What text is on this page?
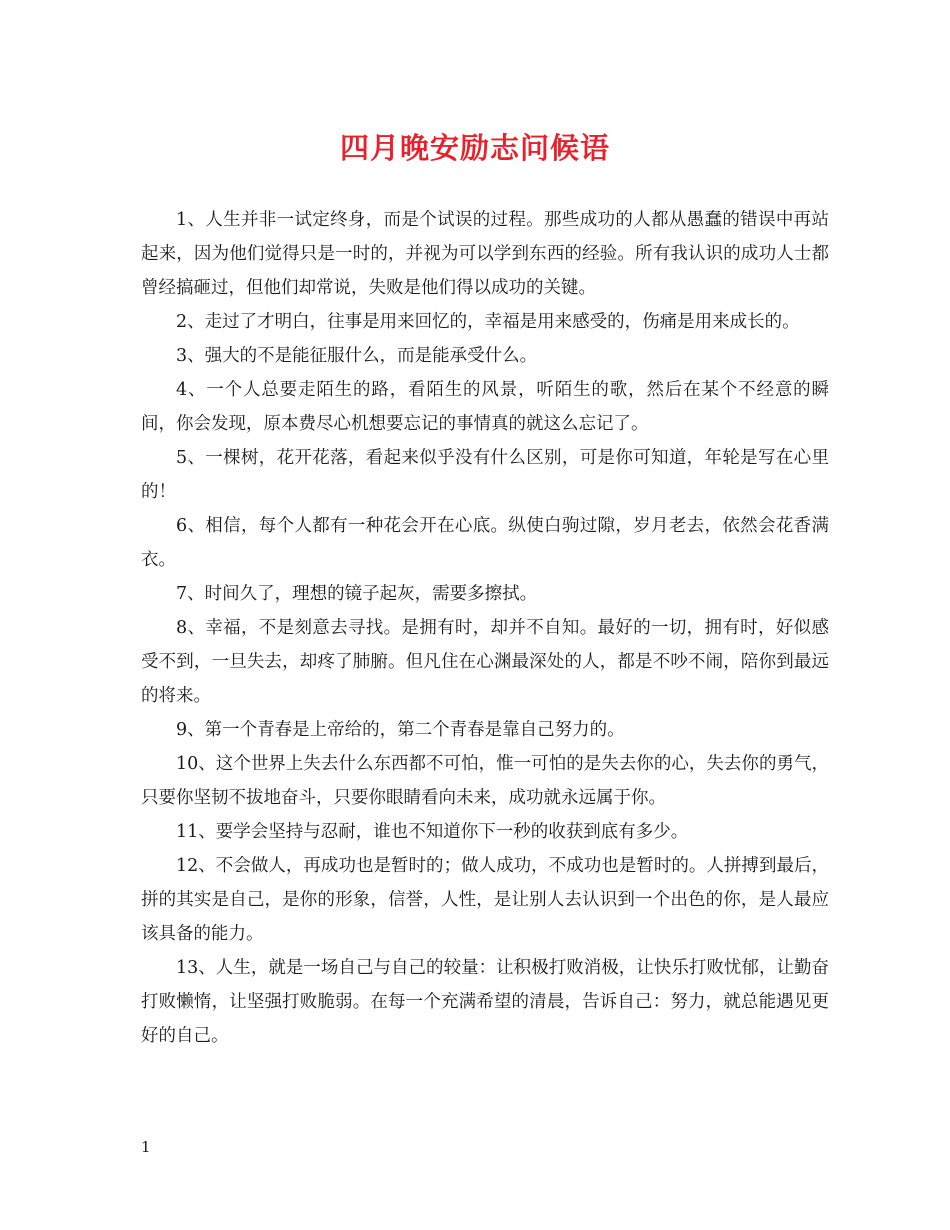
四月晚安励志问候语

1、人生并非一试定终身，而是个试误的过程。那些成功的人都从愚蠢的错误中再站起来，因为他们觉得只是一时的，并视为可以学到东西的经验。所有我认识的成功人士都曾经搞砸过，但他们却常说，失败是他们得以成功的关键。

2、走过了才明白，往事是用来回忆的，幸福是用来感受的，伤痛是用来成长的。

3、强大的不是能征服什么，而是能承受什么。

4、一个人总要走陌生的路，看陌生的风景，听陌生的歌，然后在某个不经意的瞬间，你会发现，原本费尽心机想要忘记的事情真的就这么忘记了。

5、一棵树，花开花落，看起来似乎没有什么区别，可是你可知道，年轮是写在心里的！

6、相信，每个人都有一种花会开在心底。纵使白驹过隙，岁月老去，依然会花香满衣。

7、时间久了，理想的镜子起灰，需要多擦拭。

8、幸福，不是刻意去寻找。是拥有时，却并不自知。最好的一切，拥有时，好似感受不到，一旦失去，却疼了肺腑。但凡住在心渊最深处的人，都是不吵不闹，陪你到最远的将来。

9、第一个青春是上帝给的，第二个青春是靠自己努力的。

10、这个世界上失去什么东西都不可怕，惟一可怕的是失去你的心，失去你的勇气，只要你坚韧不拔地奋斗，只要你眼睛看向未来，成功就永远属于你。

11、要学会坚持与忍耐，谁也不知道你下一秒的收获到底有多少。

12、不会做人，再成功也是暂时的；做人成功，不成功也是暂时的。人拼搏到最后，拼的其实是自己，是你的形象，信誉，人性，是让别人去认识到一个出色的你，是人最应该具备的能力。

13、人生，就是一场自己与自己的较量：让积极打败消极，让快乐打败忧郁，让勤奋打败懒惰，让坚强打败脆弱。在每一个充满希望的清晨，告诉自己：努力，就总能遇见更好的自己。

1
